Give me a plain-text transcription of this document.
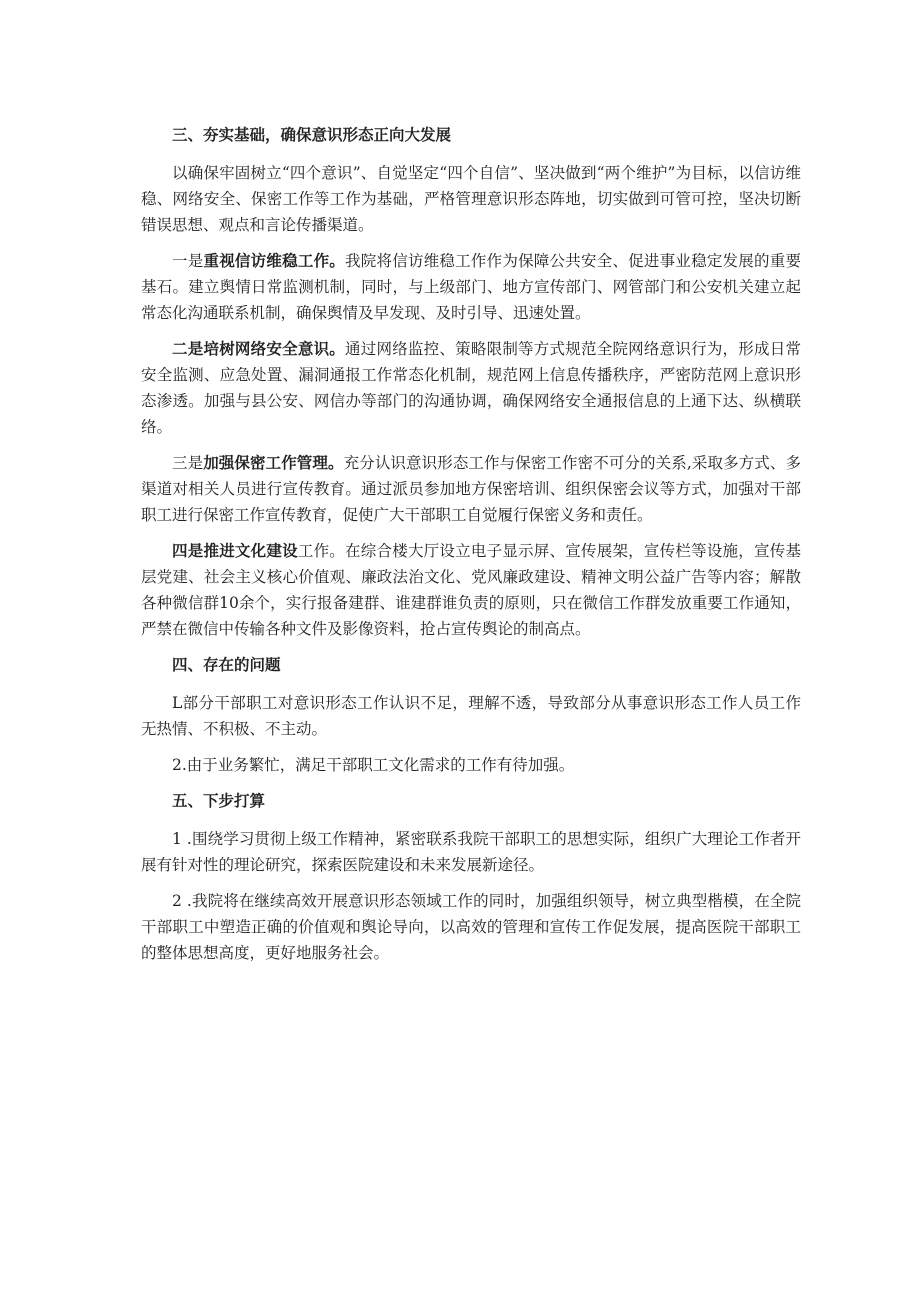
三、夯实基础，确保意识形态正向大发展

以确保牢固树立“四个意识”、自觉坚定“四个自信”、坚决做到“两个维护”为目标，以信访维稳、网络安全、保密工作等工作为基础，严格管理意识形态阵地，切实做到可管可控，坚决切断错误思想、观点和言论传播渠道。

一是重视信访维稳工作。我院将信访维稳工作作为保障公共安全、促进事业稳定发展的重要基石。建立舆情日常监测机制，同时，与上级部门、地方宣传部门、网管部门和公安机关建立起常态化沟通联系机制，确保舆情及早发现、及时引导、迅速处置。

二是培树网络安全意识。通过网络监控、策略限制等方式规范全院网络意识行为，形成日常安全监测、应急处置、漏洞通报工作常态化机制，规范网上信息传播秩序，严密防范网上意识形态渗透。加强与县公安、网信办等部门的沟通协调，确保网络安全通报信息的上通下达、纵横联络。

三是加强保密工作管理。充分认识意识形态工作与保密工作密不可分的关系,采取多方式、多渠道对相关人员进行宣传教育。通过派员参加地方保密培训、组织保密会议等方式，加强对干部职工进行保密工作宣传教育，促使广大干部职工自觉履行保密义务和责任。

四是推进文化建设工作。在综合楼大厅设立电子显示屏、宣传展架，宣传栏等设施，宣传基层党建、社会主义核心价值观、廉政法治文化、党风廉政建设、精神文明公益广告等内容；解散各种微信群10余个，实行报备建群、谁建群谁负责的原则，只在微信工作群发放重要工作通知，严禁在微信中传输各种文件及影像资料，抢占宣传舆论的制高点。

四、存在的问题

L部分干部职工对意识形态工作认识不足，理解不透，导致部分从事意识形态工作人员工作无热情、不积极、不主动。

2.由于业务繁忙，满足干部职工文化需求的工作有待加强。

五、下步打算

1 .围绕学习贯彻上级工作精神，紧密联系我院干部职工的思想实际，组织广大理论工作者开展有针对性的理论研究，探索医院建设和未来发展新途径。

2 .我院将在继续高效开展意识形态领域工作的同时，加强组织领导，树立典型楷模，在全院干部职工中塑造正确的价值观和舆论导向，以高效的管理和宣传工作促发展，提高医院干部职工的整体思想高度，更好地服务社会。
